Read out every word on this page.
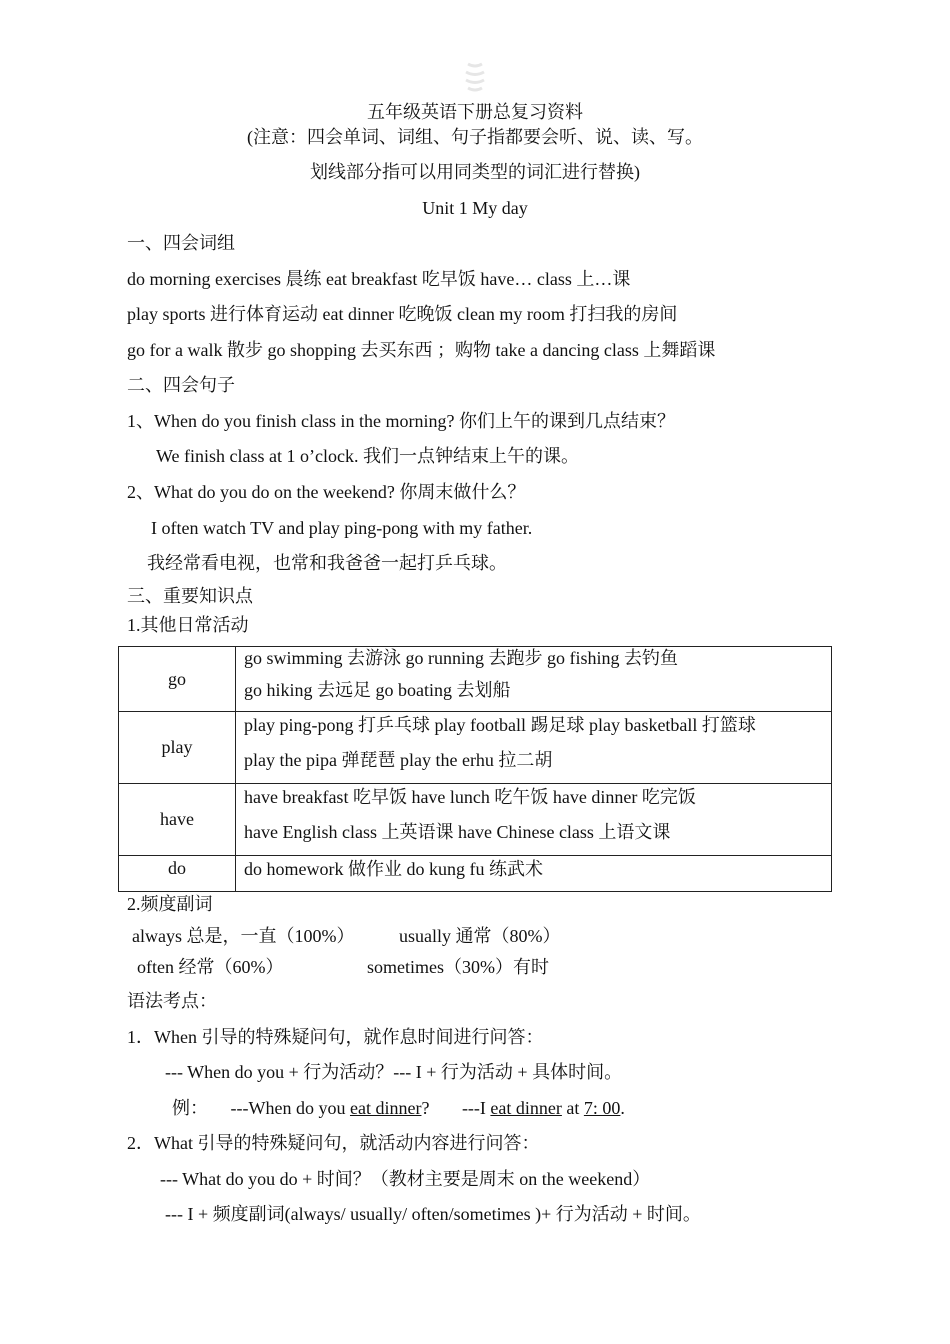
五年级英语下册总复习资料
(注意：四会单词、词组、句子指都要会听、说、读、写。
划线部分指可以用同类型的词汇进行替换)
Unit 1 My day
一、四会词组
do morning exercises 晨练 eat breakfast 吃早饭 have… class 上…课
play sports 进行体育运动 eat dinner 吃晚饭 clean my room 打扫我的房间
go for a walk 散步 go shopping 去买东西 ；购物 take a dancing class 上舞蹈课
二、四会句子
1、When do you finish class in the morning? 你们上午的课到几点结束？
We finish class at 1 o’clock. 我们一点钟结束上午的课。
2、What do you do on the weekend? 你周末做什么？
I often watch TV and play ping-pong with my father.
我经常看电视，也常和我爸爸一起打乒乓球。
三、重要知识点
1.其他日常活动
go	go swimming 去游泳 go running 去跑步 go fishing 去钓鱼
go hiking 去远足 go boating 去划船

play	play ping-pong 打乒乓球 play football 踢足球 play basketball 打篮球
play the pipa 弹琵琶 play the erhu 拉二胡

have	have breakfast 吃早饭 have lunch 吃午饭 have dinner 吃完饭
have English class 上英语课 have Chinese class 上语文课

do	do homework 做作业 do kung fu 练武术
2.频度副词
always 总是，一直（100%） usually 通常（80%）
often 经常（60%）	sometimes（30%）有时
语法考点：
1．When 引导的特殊疑问句，就作息时间进行问答：
--- When do you + 行为活动？--- I + 行为活动 + 具体时间。
例： ---When do you eat dinner? ---I eat dinner at 7: 00.
2．What 引导的特殊疑问句，就活动内容进行问答：
--- What do you do + 时间？（教材主要是周末 on the weekend）
--- I + 频度副词(always/ usually/ often/sometimes )+ 行为活动 + 时间。
